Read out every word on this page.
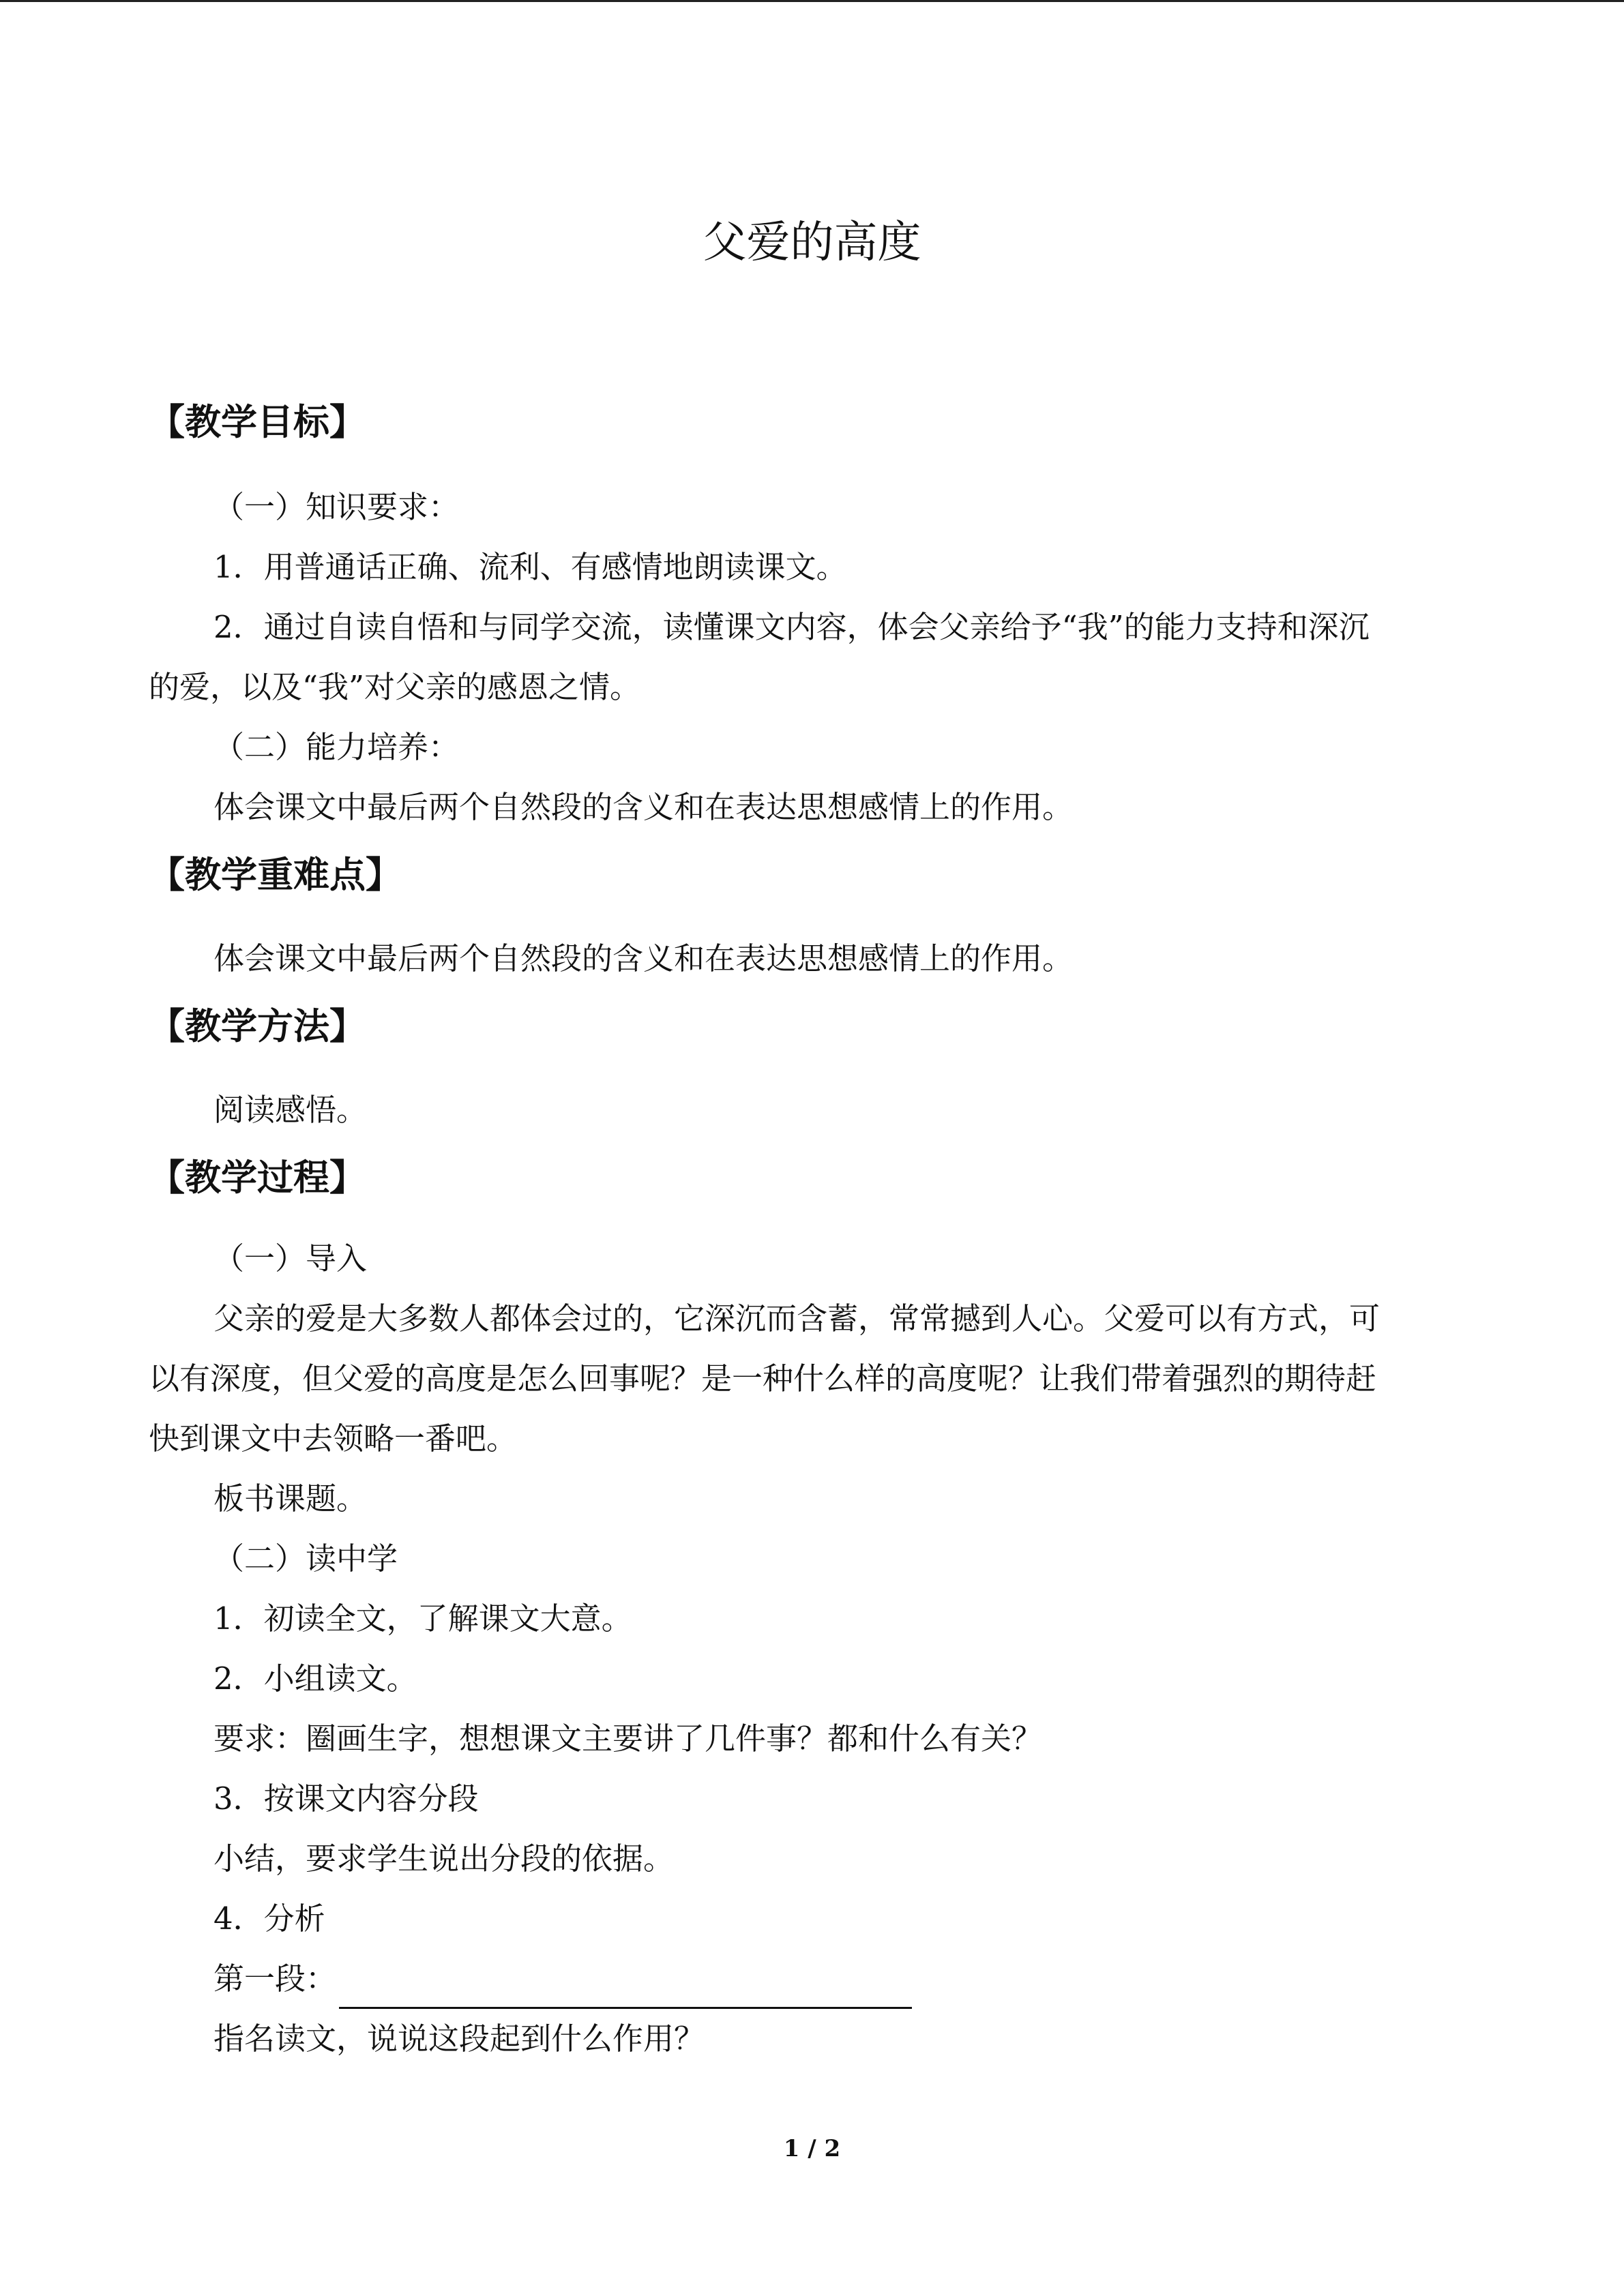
父爱的高度
【教学目标】
（一）知识要求：
1．用普通话正确、流利、有感情地朗读课文。
2．通过自读自悟和与同学交流，读懂课文内容，体会父亲给予“我”的能力支持和深沉
的爱，以及“我”对父亲的感恩之情。
（二）能力培养：
体会课文中最后两个自然段的含义和在表达思想感情上的作用。
【教学重难点】
体会课文中最后两个自然段的含义和在表达思想感情上的作用。
【教学方法】
阅读感悟。
【教学过程】
（一）导入
父亲的爱是大多数人都体会过的，它深沉而含蓄，常常撼到人心。父爱可以有方式，可
以有深度，但父爱的高度是怎么回事呢？是一种什么样的高度呢？让我们带着强烈的期待赶
快到课文中去领略一番吧。
板书课题。
（二）读中学
1．初读全文，了解课文大意。
2．小组读文。
要求：圈画生字，想想课文主要讲了几件事？都和什么有关？
3．按课文内容分段
小结，要求学生说出分段的依据。
4．分析
第一段：
指名读文，说说这段起到什么作用？
1 / 2
